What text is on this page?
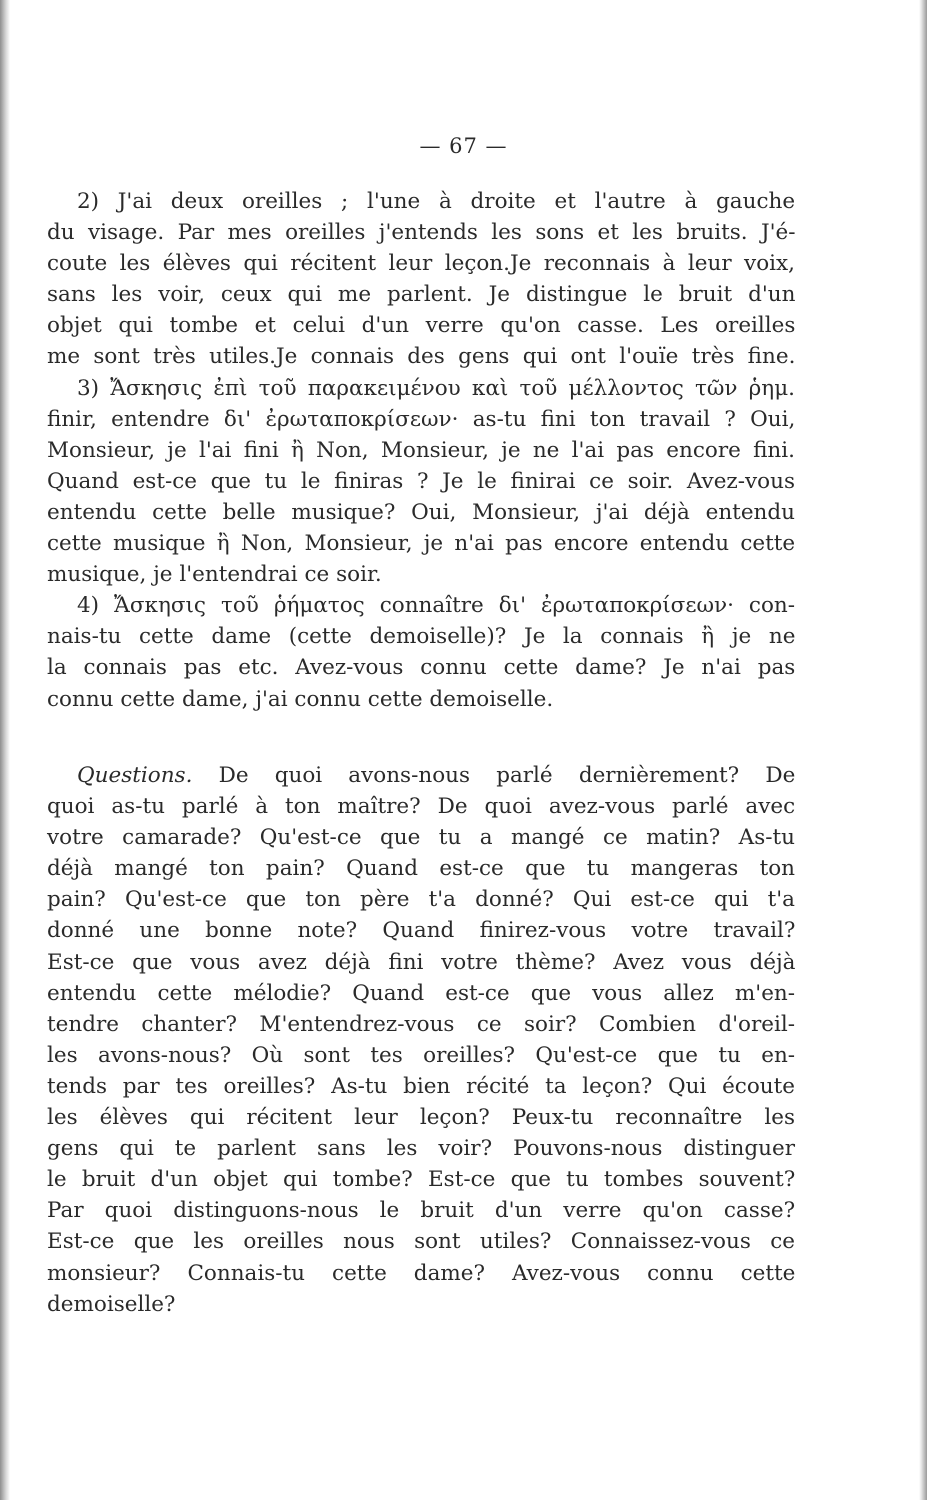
— 67 —
2) J'ai deux oreilles ; l'une à droite et l'autre à gauche
du visage. Par mes oreilles j'entends les sons et les bruits. J'é-
coute les élèves qui récitent leur leçon.Je reconnais à leur voix,
sans les voir, ceux qui me parlent. Je distingue le bruit d'un
objet qui tombe et celui d'un verre qu'on casse. Les oreilles
me sont très utiles.Je connais des gens qui ont l'ouïe très fine.
3) Ἄσκησις ἐπὶ τοῦ παρακειμένου καὶ τοῦ μέλλοντος τῶν ῥημ.
finir, entendre δι' ἐρωταποκρίσεων· as-tu fini ton travail ? Oui,
Monsieur, je l'ai fini ἢ Non, Monsieur, je ne l'ai pas encore fini.
Quand est-ce que tu le finiras ? Je le finirai ce soir. Avez-vous
entendu cette belle musique? Oui, Monsieur, j'ai déjà entendu
cette musique ἢ Non, Monsieur, je n'ai pas encore entendu cette
musique, je l'entendrai ce soir.
4) Ἄσκησις τοῦ ῥήματος connaître δι' ἐρωταποκρίσεων· con-
nais-tu cette dame (cette demoiselle)? Je la connais ἢ je ne
la connais pas etc. Avez-vous connu cette dame? Je n'ai pas
connu cette dame, j'ai connu cette demoiselle.
Questions. De quoi avons-nous parlé dernièrement? De
quoi as-tu parlé à ton maître? De quoi avez-vous parlé avec
votre camarade? Qu'est-ce que tu a mangé ce matin? As-tu
déjà mangé ton pain? Quand est-ce que tu mangeras ton
pain? Qu'est-ce que ton père t'a donné? Qui est-ce qui t'a
donné une bonne note? Quand finirez-vous votre travail?
Est-ce que vous avez déjà fini votre thème? Avez vous déjà
entendu cette mélodie? Quand est-ce que vous allez m'en-
tendre chanter? M'entendrez-vous ce soir? Combien d'oreil-
les avons-nous? Où sont tes oreilles? Qu'est-ce que tu en-
tends par tes oreilles? As-tu bien récité ta leçon? Qui écoute
les élèves qui récitent leur leçon? Peux-tu reconnaître les
gens qui te parlent sans les voir? Pouvons-nous distinguer
le bruit d'un objet qui tombe? Est-ce que tu tombes souvent?
Par quoi distinguons-nous le bruit d'un verre qu'on casse?
Est-ce que les oreilles nous sont utiles? Connaissez-vous ce
monsieur? Connais-tu cette dame? Avez-vous connu cette
demoiselle?
